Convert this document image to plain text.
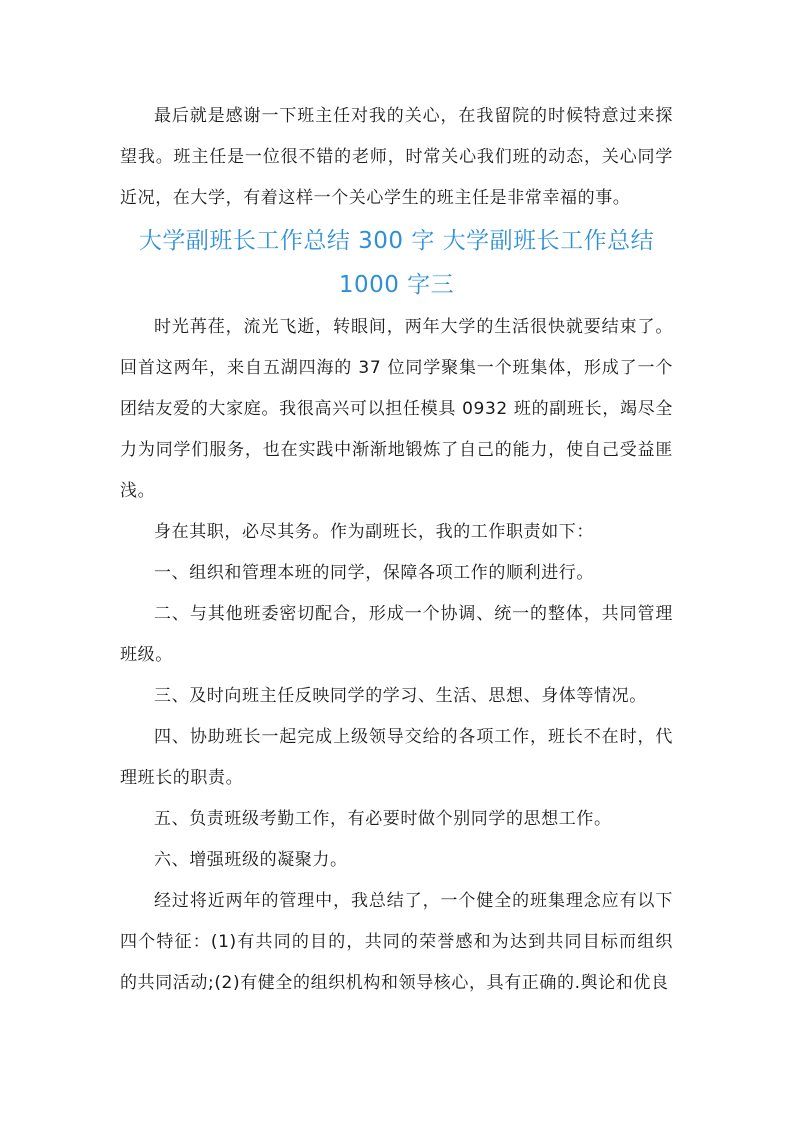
最后就是感谢一下班主任对我的关心，在我留院的时候特意过来探望我。班主任是一位很不错的老师，时常关心我们班的动态，关心同学近况，在大学，有着这样一个关心学生的班主任是非常幸福的事。

大学副班长工作总结 300 字 大学副班长工作总结 1000 字三

时光苒荏，流光飞逝，转眼间，两年大学的生活很快就要结束了。回首这两年，来自五湖四海的 37 位同学聚集一个班集体，形成了一个团结友爱的大家庭。我很高兴可以担任模具 0932 班的副班长，竭尽全力为同学们服务，也在实践中渐渐地锻炼了自己的能力，使自己受益匪浅。

身在其职，必尽其务。作为副班长，我的工作职责如下：

一、组织和管理本班的同学，保障各项工作的顺利进行。

二、与其他班委密切配合，形成一个协调、统一的整体，共同管理班级。

三、及时向班主任反映同学的学习、生活、思想、身体等情况。

四、协助班长一起完成上级领导交给的各项工作，班长不在时，代理班长的职责。

五、负责班级考勤工作，有必要时做个别同学的思想工作。

六、增强班级的凝聚力。

经过将近两年的管理中，我总结了，一个健全的班集理念应有以下四个特征：(1)有共同的目的，共同的荣誉感和为达到共同目标而组织的共同活动;(2)有健全的组织机构和领导核心，具有正确的.舆论和优良
